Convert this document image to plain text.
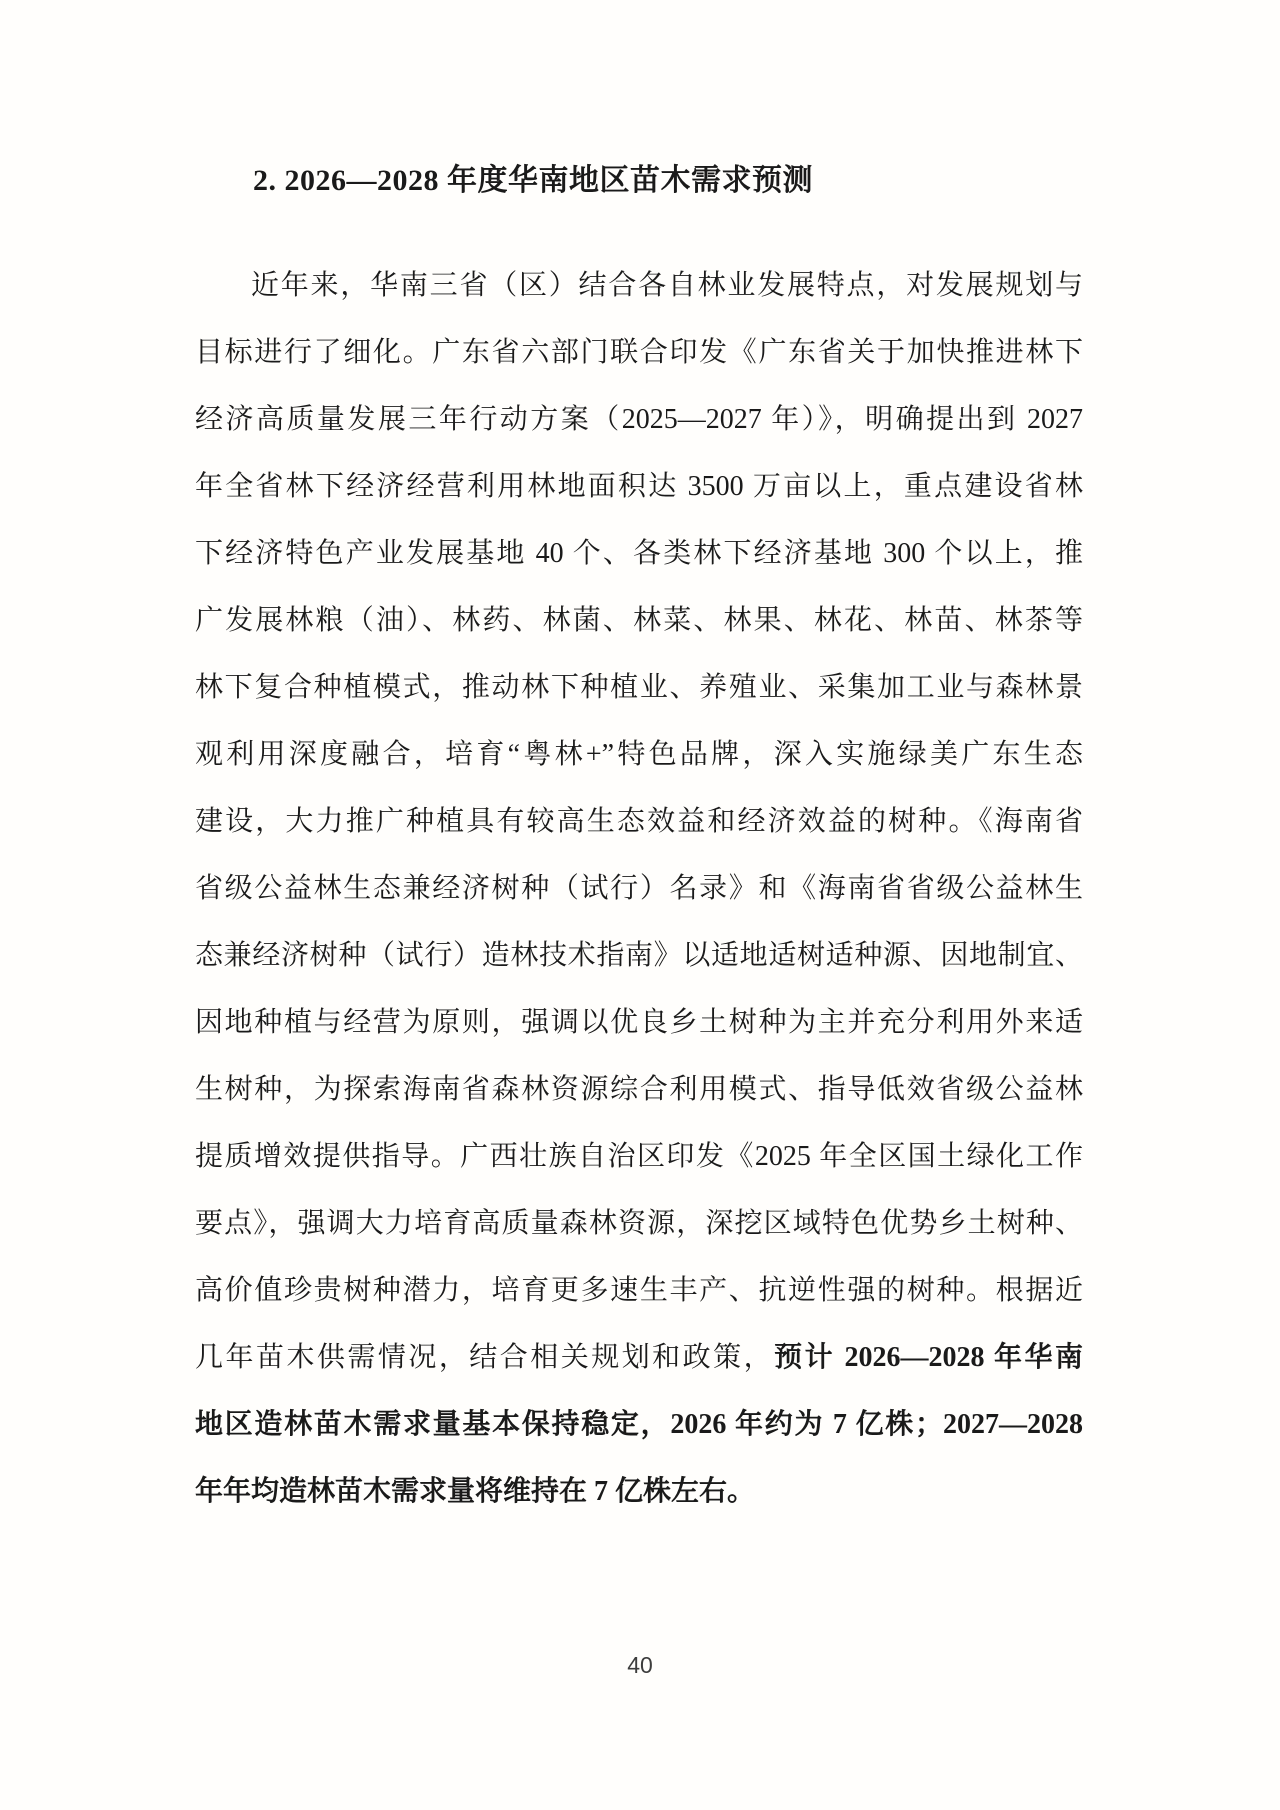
2. 2026—2028 年度华南地区苗木需求预测
近年来，华南三省（区）结合各自林业发展特点，对发展规划与
目标进行了细化。广东省六部门联合印发《广东省关于加快推进林下
经济高质量发展三年行动方案（2025—2027 年）》，明确提出到 2027
年全省林下经济经营利用林地面积达 3500 万亩以上，重点建设省林
下经济特色产业发展基地 40 个、各类林下经济基地 300 个以上，推
广发展林粮（油）、林药、林菌、林菜、林果、林花、林苗、林茶等
林下复合种植模式，推动林下种植业、养殖业、采集加工业与森林景
观利用深度融合，培育“粤林+”特色品牌，深入实施绿美广东生态
建设，大力推广种植具有较高生态效益和经济效益的树种。《海南省
省级公益林生态兼经济树种（试行）名录》和《海南省省级公益林生
态兼经济树种（试行）造林技术指南》以适地适树适种源、因地制宜、
因地种植与经营为原则，强调以优良乡土树种为主并充分利用外来适
生树种，为探索海南省森林资源综合利用模式、指导低效省级公益林
提质增效提供指导。广西壮族自治区印发《2025 年全区国土绿化工作
要点》，强调大力培育高质量森林资源，深挖区域特色优势乡土树种、
高价值珍贵树种潜力，培育更多速生丰产、抗逆性强的树种。根据近
几年苗木供需情况，结合相关规划和政策，预计 2026—2028 年华南
地区造林苗木需求量基本保持稳定，2026 年约为 7 亿株；2027—2028
年年均造林苗木需求量将维持在 7 亿株左右。
40
